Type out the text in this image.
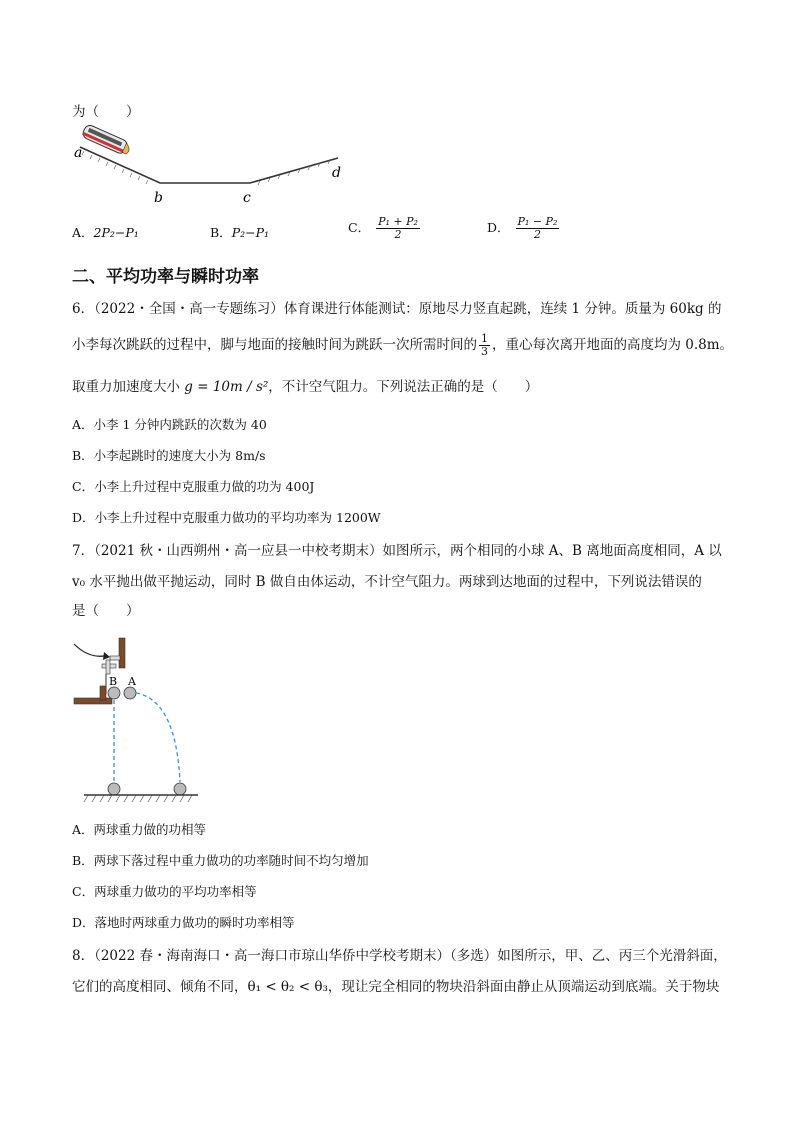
为（　　）
a
b	c
d
A．2P₂−P₁	B．P₂−P₁	C． $\frac{\text{P₁ + P₂}}{2}$	D． $\frac{\text{P₁ − P₂}}{2}$
二、平均功率与瞬时功率
6．（2022・全国・高一专题练习）体育课进行体能测试：原地尽力竖直起跳，连续 1 分钟。质量为 60kg 的
小李每次跳跃的过程中，脚与地面的接触时间为跳跃一次所需时间的 $\frac{1}{3}$ ，重心每次离开地面的高度均为 0.8m。
取重力加速度大小 g = 10m / s²，不计空气阻力。下列说法正确的是（　　）
A．小李 1 分钟内跳跃的次数为 40
B．小李起跳时的速度大小为 8m/s
C．小李上升过程中克服重力做的功为 400J
D．小李上升过程中克服重力做功的平均功率为 1200W
7．（2021 秋・山西朔州・高一应县一中校考期末）如图所示，两个相同的小球 A、B 离地面高度相同，A 以
v₀ 水平抛出做平抛运动，同时 B 做自由体运动，不计空气阻力。两球到达地面的过程中，下列说法错误的
是（　　）
B A
A．两球重力做的功相等
B．两球下落过程中重力做功的功率随时间不均匀增加
C．两球重力做功的平均功率相等
D．落地时两球重力做功的瞬时功率相等
8．（2022 春・海南海口・高一海口市琼山华侨中学校考期末）（多选）如图所示，甲、乙、丙三个光滑斜面，
它们的高度相同、倾角不同，θ₁ < θ₂ < θ₃，现让完全相同的物块沿斜面由静止从顶端运动到底端。关于物块
